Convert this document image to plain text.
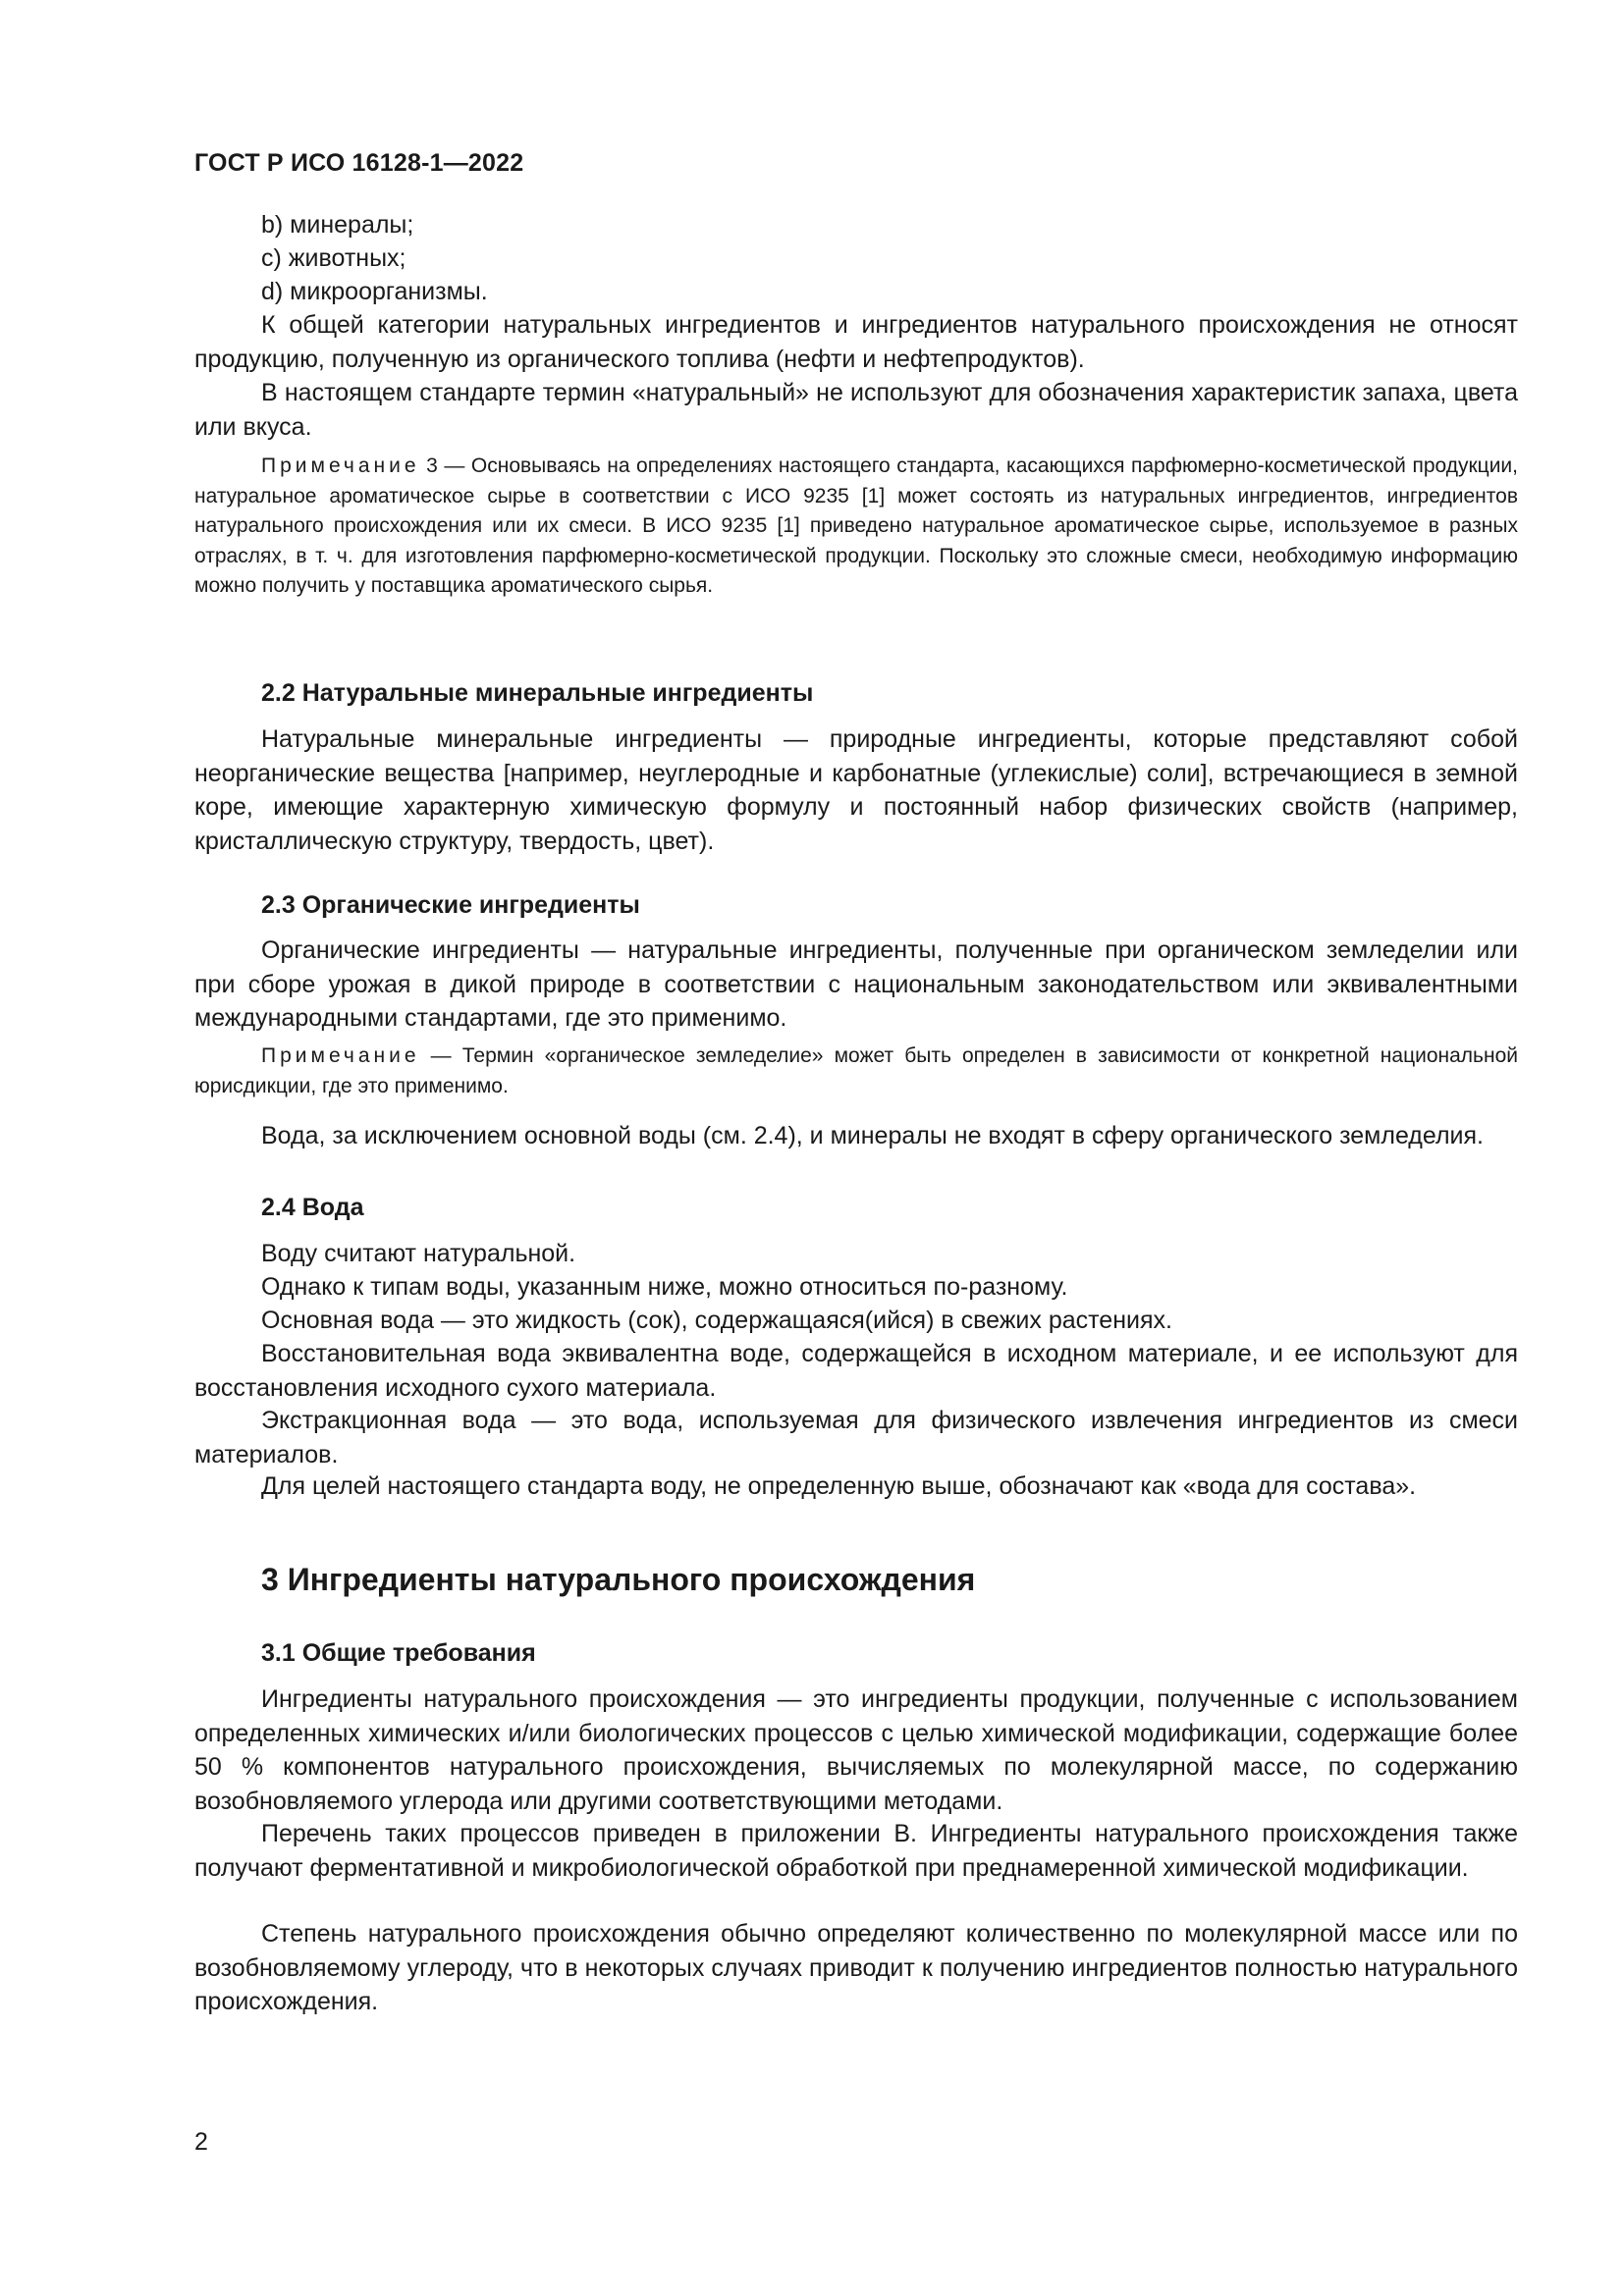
ГОСТ Р ИСО 16128-1—2022

b) минералы;

c) животных;

d) микроорганизмы.

К общей категории натуральных ингредиентов и ингредиентов натурального происхождения не относят продукцию, полученную из органического топлива (нефти и нефтепродуктов).

В настоящем стандарте термин «натуральный» не используют для обозначения характеристик запаха, цвета или вкуса.

Примечание 3 — Основываясь на определениях настоящего стандарта, касающихся парфюмерно-косметической продукции, натуральное ароматическое сырье в соответствии с ИСО 9235 [1] может состоять из натуральных ингредиентов, ингредиентов натурального происхождения или их смеси. В ИСО 9235 [1] приведено натуральное ароматическое сырье, используемое в разных отраслях, в т. ч. для изготовления парфюмерно-косметической продукции. Поскольку это сложные смеси, необходимую информацию можно получить у поставщика ароматического сырья.

2.2 Натуральные минеральные ингредиенты

Натуральные минеральные ингредиенты — природные ингредиенты, которые представляют собой неорганические вещества [например, неуглеродные и карбонатные (углекислые) соли], встречающиеся в земной коре, имеющие характерную химическую формулу и постоянный набор физических свойств (например, кристаллическую структуру, твердость, цвет).

2.3 Органические ингредиенты

Органические ингредиенты — натуральные ингредиенты, полученные при органическом земледелии или при сборе урожая в дикой природе в соответствии с национальным законодательством или эквивалентными международными стандартами, где это применимо.

Примечание — Термин «органическое земледелие» может быть определен в зависимости от конкретной национальной юрисдикции, где это применимо.

Вода, за исключением основной воды (см. 2.4), и минералы не входят в сферу органического земледелия.

2.4 Вода

Воду считают натуральной.

Однако к типам воды, указанным ниже, можно относиться по-разному.

Основная вода — это жидкость (сок), содержащаяся(ийся) в свежих растениях.

Восстановительная вода эквивалентна воде, содержащейся в исходном материале, и ее используют для восстановления исходного сухого материала.

Экстракционная вода — это вода, используемая для физического извлечения ингредиентов из смеси материалов.

Для целей настоящего стандарта воду, не определенную выше, обозначают как «вода для состава».

3 Ингредиенты натурального происхождения

3.1 Общие требования

Ингредиенты натурального происхождения — это ингредиенты продукции, полученные с использованием определенных химических и/или биологических процессов с целью химической модификации, содержащие более 50 % компонентов натурального происхождения, вычисляемых по молекулярной массе, по содержанию возобновляемого углерода или другими соответствующими методами.

Перечень таких процессов приведен в приложении В. Ингредиенты натурального происхождения также получают ферментативной и микробиологической обработкой при преднамеренной химической модификации.

Степень натурального происхождения обычно определяют количественно по молекулярной массе или по возобновляемому углероду, что в некоторых случаях приводит к получению ингредиентов полностью натурального происхождения.

2
